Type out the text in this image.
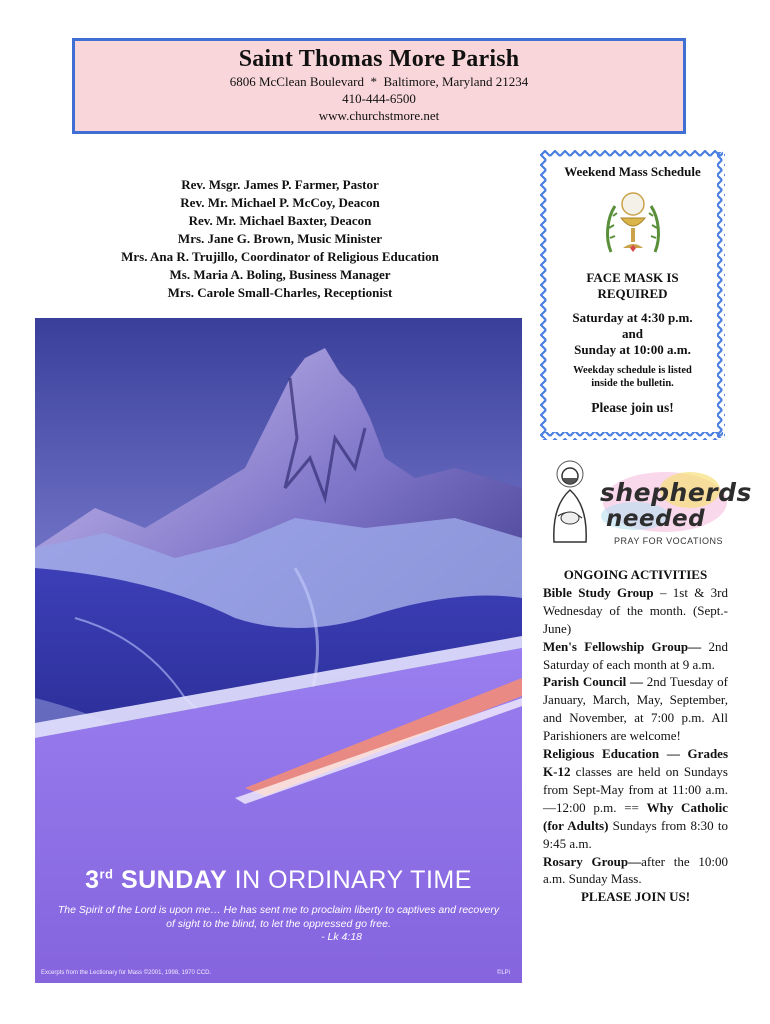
Saint Thomas More Parish
6806 McClean Boulevard  *  Baltimore, Maryland 21234
410-444-6500
www.churchstmore.net
Rev. Msgr. James P. Farmer, Pastor
Rev. Mr. Michael P. McCoy, Deacon
Rev. Mr. Michael Baxter, Deacon
Mrs. Jane G. Brown, Music Minister
Mrs. Ana R. Trujillo, Coordinator of Religious Education
Ms. Maria A. Boling, Business Manager
Mrs. Carole Small-Charles, Receptionist
Weekend Mass Schedule
FACE MASK IS
REQUIRED
Saturday at 4:30 p.m.
and
Sunday at 10:00 a.m.
Weekday schedule is listed
inside the bulletin.
Please join us!
shepherds
needed
PRAY FOR VOCATIONS
ONGOING ACTIVITIES
Bible Study Group – 1st & 3rd Wednesday of the month. (Sept.-June)
Men's Fellowship Group— 2nd Saturday of each month at 9 a.m.
Parish Council — 2nd Tuesday of January, March, May, September, and November, at 7:00 p.m. All Parishioners are welcome!
Religious Education — Grades K-12 classes are held on Sundays from Sept-May from at 11:00 a.m.—12:00 p.m. == Why Catholic (for Adults) Sundays from 8:30 to 9:45 a.m.
Rosary Group—after the 10:00 a.m. Sunday Mass.
PLEASE JOIN US!
3rd SUNDAY IN ORDINARY TIME
The Spirit of the Lord is upon me… He has sent me to proclaim liberty to captives and recovery of sight to the blind, to let the oppressed go free.
- Lk 4:18
Excerpts from the Lectionary for Mass ©2001, 1998, 1970 CCD.	©LPi
